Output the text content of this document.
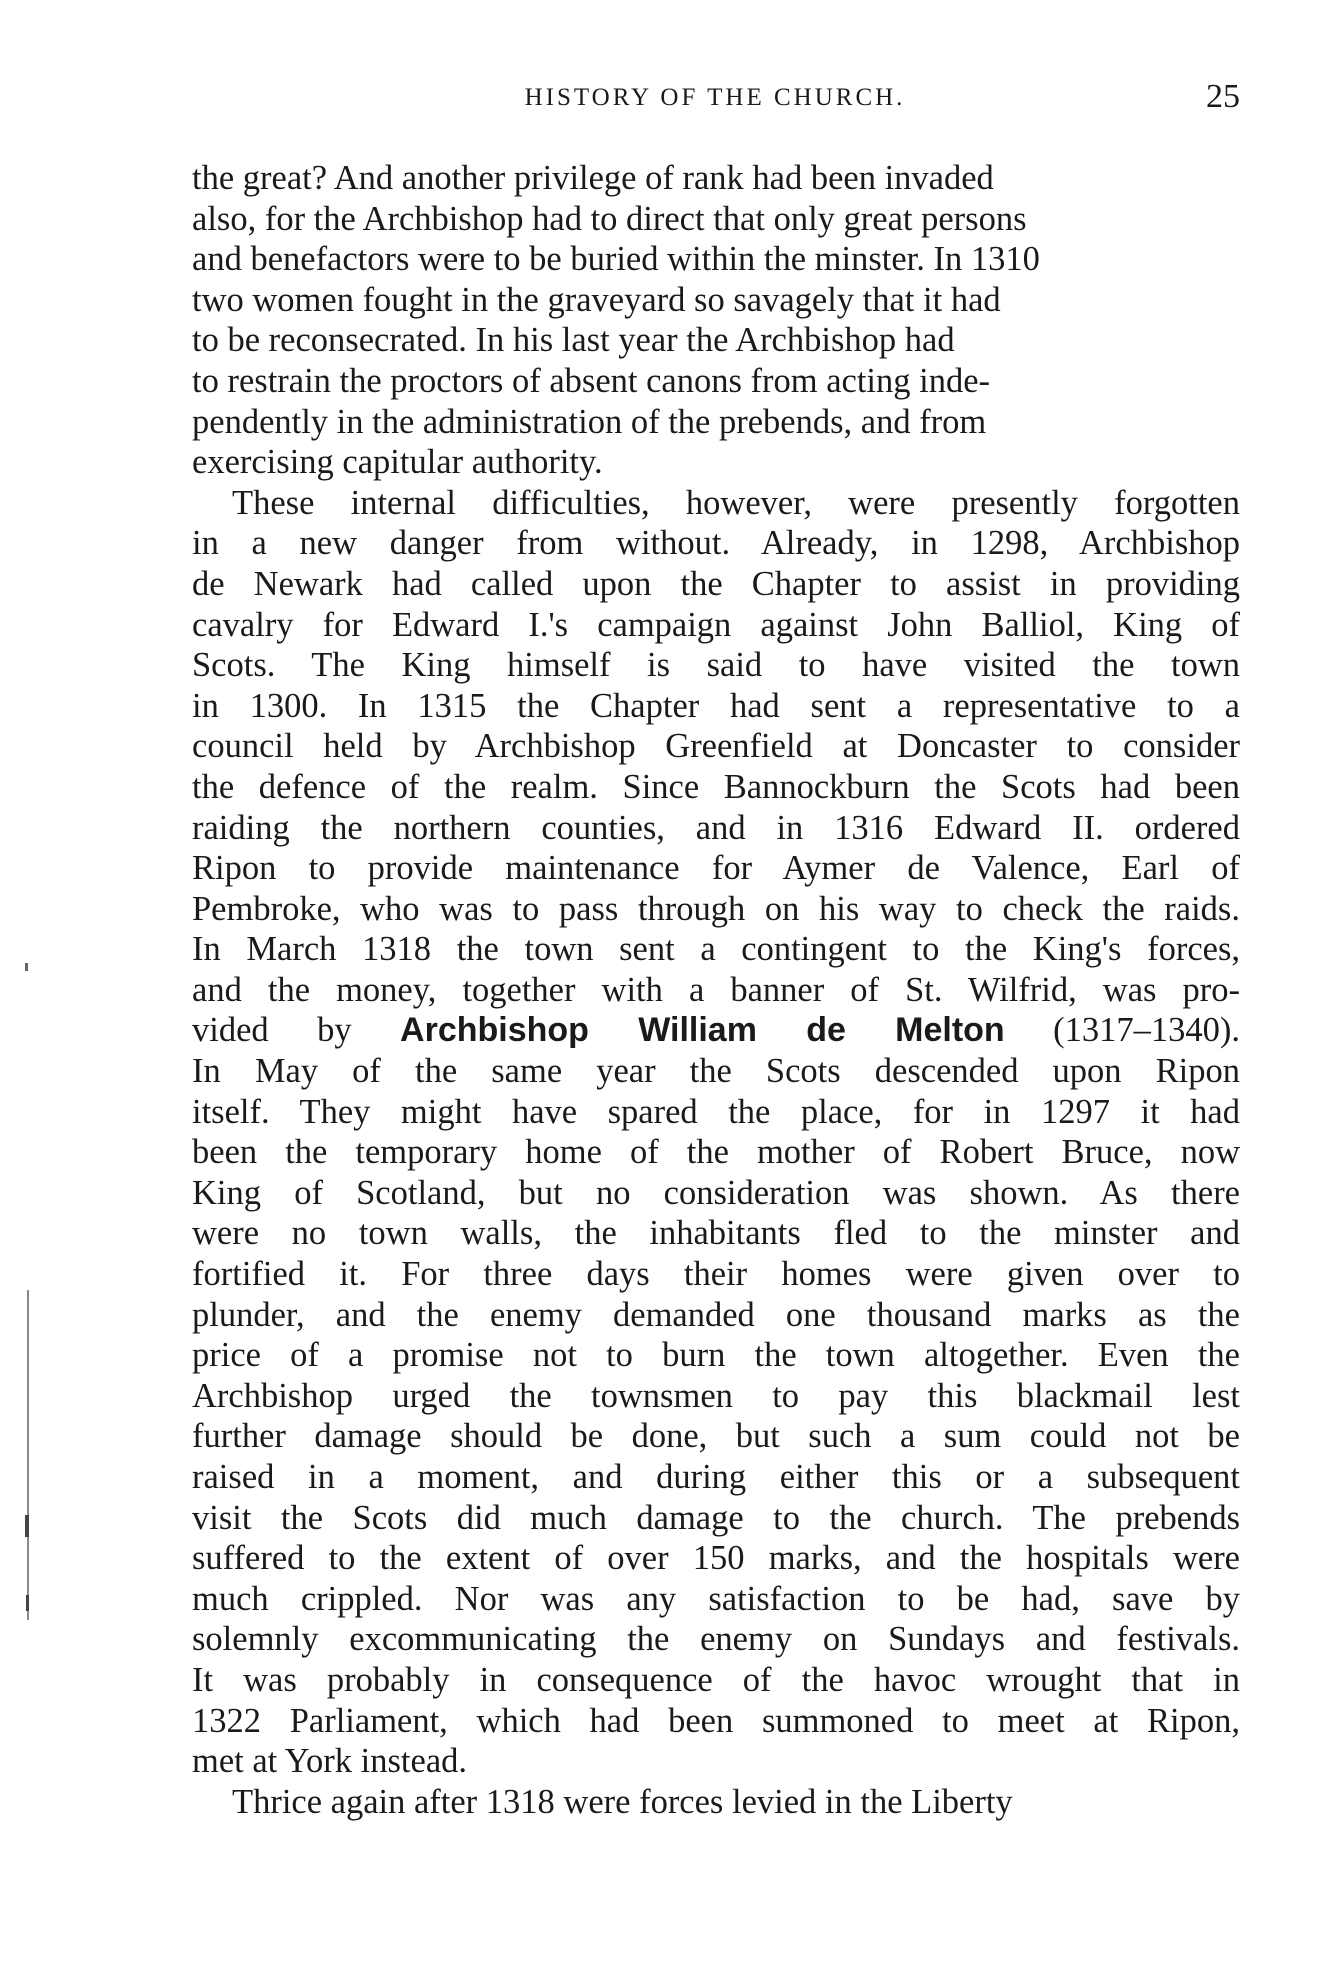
HISTORY OF THE CHURCH.	25

the great? And another privilege of rank had been invaded
also, for the Archbishop had to direct that only great persons
and benefactors were to be buried within the minster. In 1310
two women fought in the graveyard so savagely that it had
to be reconsecrated. In his last year the Archbishop had
to restrain the proctors of absent canons from acting inde-
pendently in the administration of the prebends, and from
exercising capitular authority.

These internal difficulties, however, were presently forgotten
in a new danger from without. Already, in 1298, Archbishop
de Newark had called upon the Chapter to assist in providing
cavalry for Edward I.'s campaign against John Balliol, King of
Scots. The King himself is said to have visited the town
in 1300. In 1315 the Chapter had sent a representative to a
council held by Archbishop Greenfield at Doncaster to consider
the defence of the realm. Since Bannockburn the Scots had been
raiding the northern counties, and in 1316 Edward II. ordered
Ripon to provide maintenance for Aymer de Valence, Earl of
Pembroke, who was to pass through on his way to check the raids.
In March 1318 the town sent a contingent to the King's forces,
and the money, together with a banner of St. Wilfrid, was pro-
vided by Archbishop William de Melton (1317–1340).
In May of the same year the Scots descended upon Ripon
itself. They might have spared the place, for in 1297 it had
been the temporary home of the mother of Robert Bruce, now
King of Scotland, but no consideration was shown. As there
were no town walls, the inhabitants fled to the minster and
fortified it. For three days their homes were given over to
plunder, and the enemy demanded one thousand marks as the
price of a promise not to burn the town altogether. Even the
Archbishop urged the townsmen to pay this blackmail lest
further damage should be done, but such a sum could not be
raised in a moment, and during either this or a subsequent
visit the Scots did much damage to the church. The prebends
suffered to the extent of over 150 marks, and the hospitals were
much crippled. Nor was any satisfaction to be had, save by
solemnly excommunicating the enemy on Sundays and festivals.
It was probably in consequence of the havoc wrought that in
1322 Parliament, which had been summoned to meet at Ripon,
met at York instead.

Thrice again after 1318 were forces levied in the Liberty
